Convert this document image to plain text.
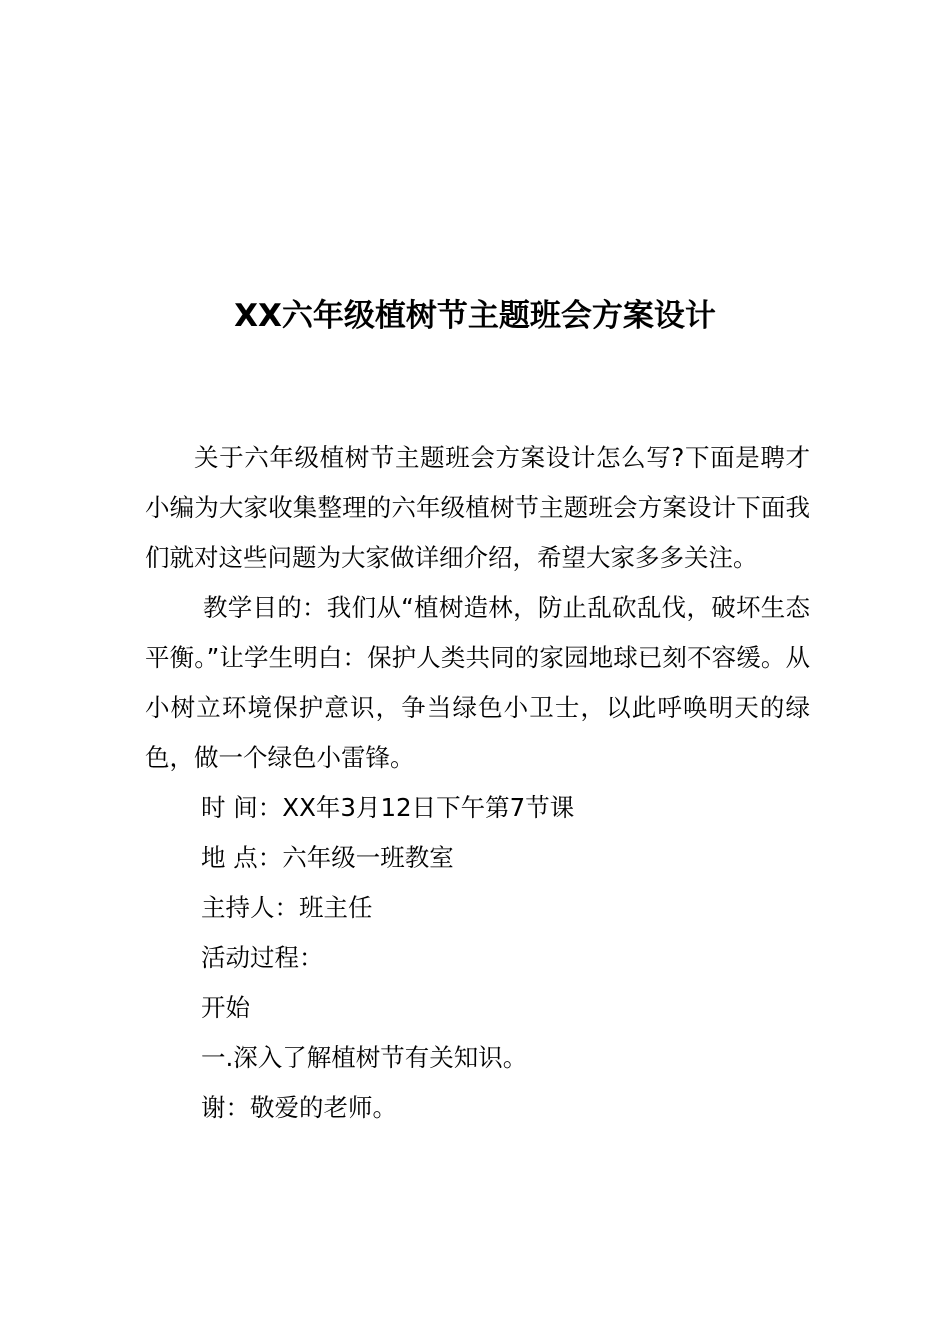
XX六年级植树节主题班会方案设计

关于六年级植树节主题班会方案设计怎么写?下面是聘才小编为大家收集整理的六年级植树节主题班会方案设计下面我们就对这些问题为大家做详细介绍，希望大家多多关注。

教学目的：我们从“植树造林，防止乱砍乱伐，破坏生态平衡。”让学生明白：保护人类共同的家园地球已刻不容缓。从小树立环境保护意识，争当绿色小卫士，以此呼唤明天的绿色，做一个绿色小雷锋。

时 间：XX年3月12日下午第7节课

地 点：六年级一班教室

主持人：班主任

活动过程：

开始

一.深入了解植树节有关知识。

谢：敬爱的老师。
